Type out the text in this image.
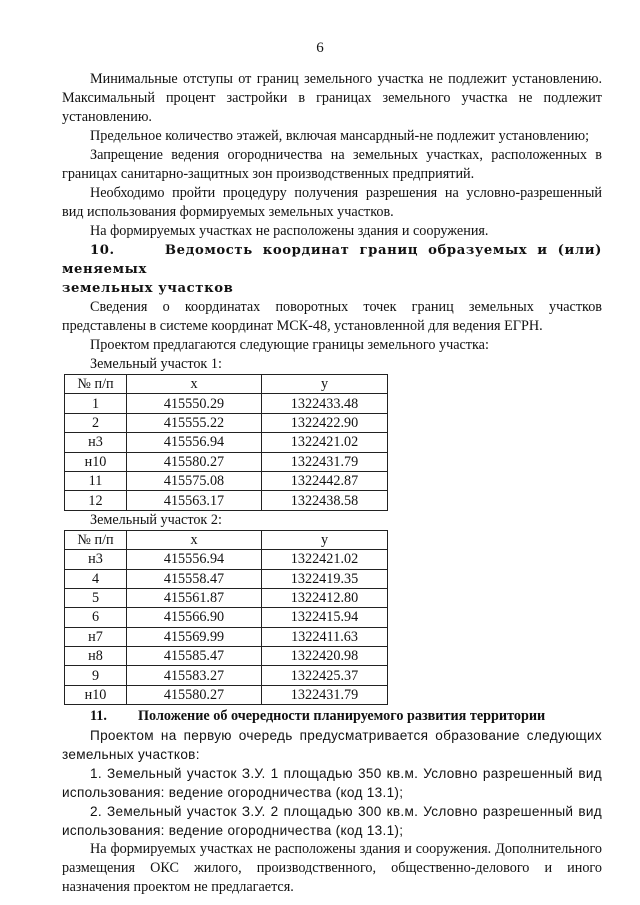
6

Минимальные отступы от границ земельного участка не подлежит установлению. Максимальный процент застройки в границах земельного участка не подлежит установлению.

Предельное количество этажей, включая мансардный-не подлежит установлению;

Запрещение ведения огородничества на земельных участках, расположенных в границах санитарно-защитных зон производственных предприятий.

Необходимо пройти процедуру получения разрешения на условно-разрешенный вид использования формируемых земельных участков.

На формируемых участках не расположены здания и сооружения.

10.	Ведомость координат границ образуемых и (или) меняемых
земельных участков

Сведения о координатах поворотных точек границ земельных участков представлены в системе координат МСК-48, установленной для ведения ЕГРН.

Проектом предлагаются следующие границы земельного участка:

Земельный участок 1:

№ п/п	x	y
1	415550.29	1322433.48
2	415555.22	1322422.90
н3	415556.94	1322421.02
н10	415580.27	1322431.79
11	415575.08	1322442.87
12	415563.17	1322438.58

Земельный участок 2:

№ п/п	x	y
н3	415556.94	1322421.02
4	415558.47	1322419.35
5	415561.87	1322412.80
6	415566.90	1322415.94
н7	415569.99	1322411.63
н8	415585.47	1322420.98
9	415583.27	1322425.37
н10	415580.27	1322431.79

11.	Положение об очередности планируемого развития территории

Проектом на первую очередь предусматривается образование следующих земельных участков:

1. Земельный участок З.У. 1 площадью 350 кв.м. Условно разрешенный вид использования: ведение огородничества (код 13.1);

2. Земельный участок З.У. 2 площадью 300 кв.м. Условно разрешенный вид использования: ведение огородничества (код 13.1);

На формируемых участках не расположены здания и сооружения. Дополнительного размещения ОКС жилого, производственного, общественно-делового и иного назначения проектом не предлагается.
